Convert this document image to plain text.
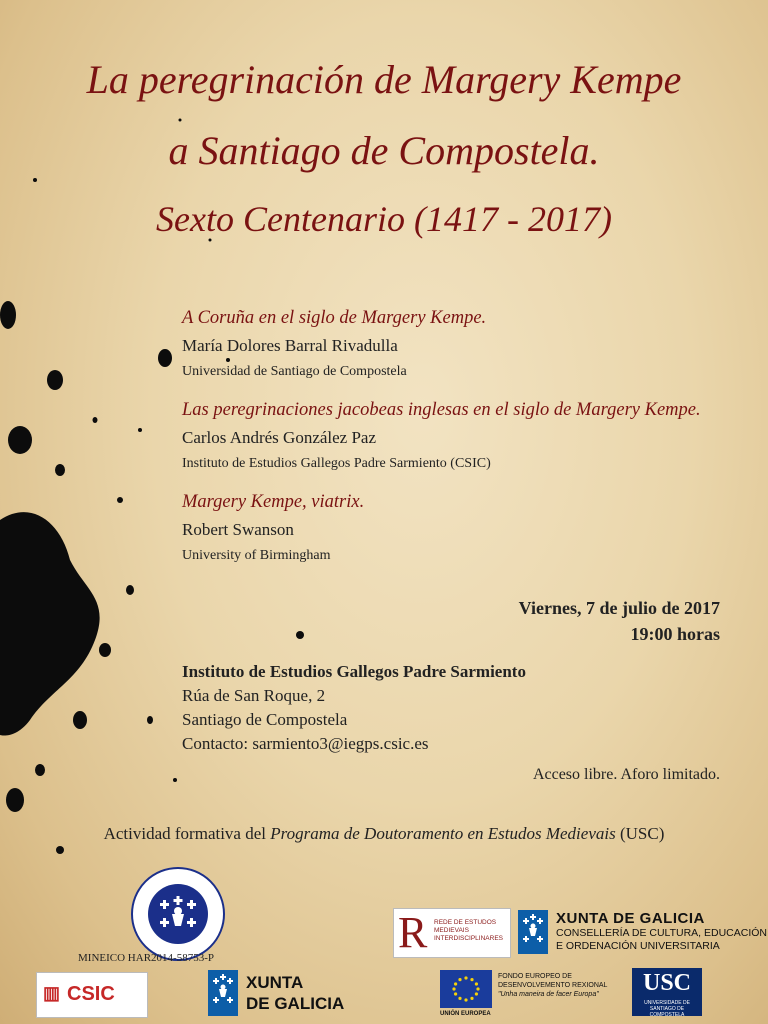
La peregrinación de Margery Kempe
a Santiago de Compostela.
Sexto Centenario (1417 - 2017)

A Coruña en el siglo de Margery Kempe.

María Dolores Barral Rivadulla

Universidad de Santiago de Compostela

Las peregrinaciones jacobeas inglesas en el siglo de Margery Kempe.

Carlos Andrés González Paz

Instituto de Estudios Gallegos Padre Sarmiento (CSIC)

Margery Kempe, viatrix.

Robert Swanson

University of Birmingham

Viernes, 7 de julio de 2017
19:00 horas
Instituto de Estudios Gallegos Padre Sarmiento
Rúa de San Roque, 2
Santiago de Compostela
Contacto: sarmiento3@iegps.csic.es
Acceso libre. Aforo limitado.
Actividad formativa del Programa de Doutoramento en Estudos Medievais (USC)
MINEICO HAR2014-58753-P
R REDE DE ESTUDOS MEDIEVAIS INTERDISCIPLINARES
XUNTA DE GALICIA
CONSELLERÍA DE CULTURA, EDUCACIÓN
E ORDENACIÓN UNIVERSITARIA
▥ CSIC
XUNTA
DE GALICIA
UNIÓN EUROPEA
FONDO EUROPEO DE
DESENVOLVEMENTO REXIONAL
"Unha maneira de facer Europa"	USC
UNIVERSIDADE DE SANTIAGO DE COMPOSTELA
